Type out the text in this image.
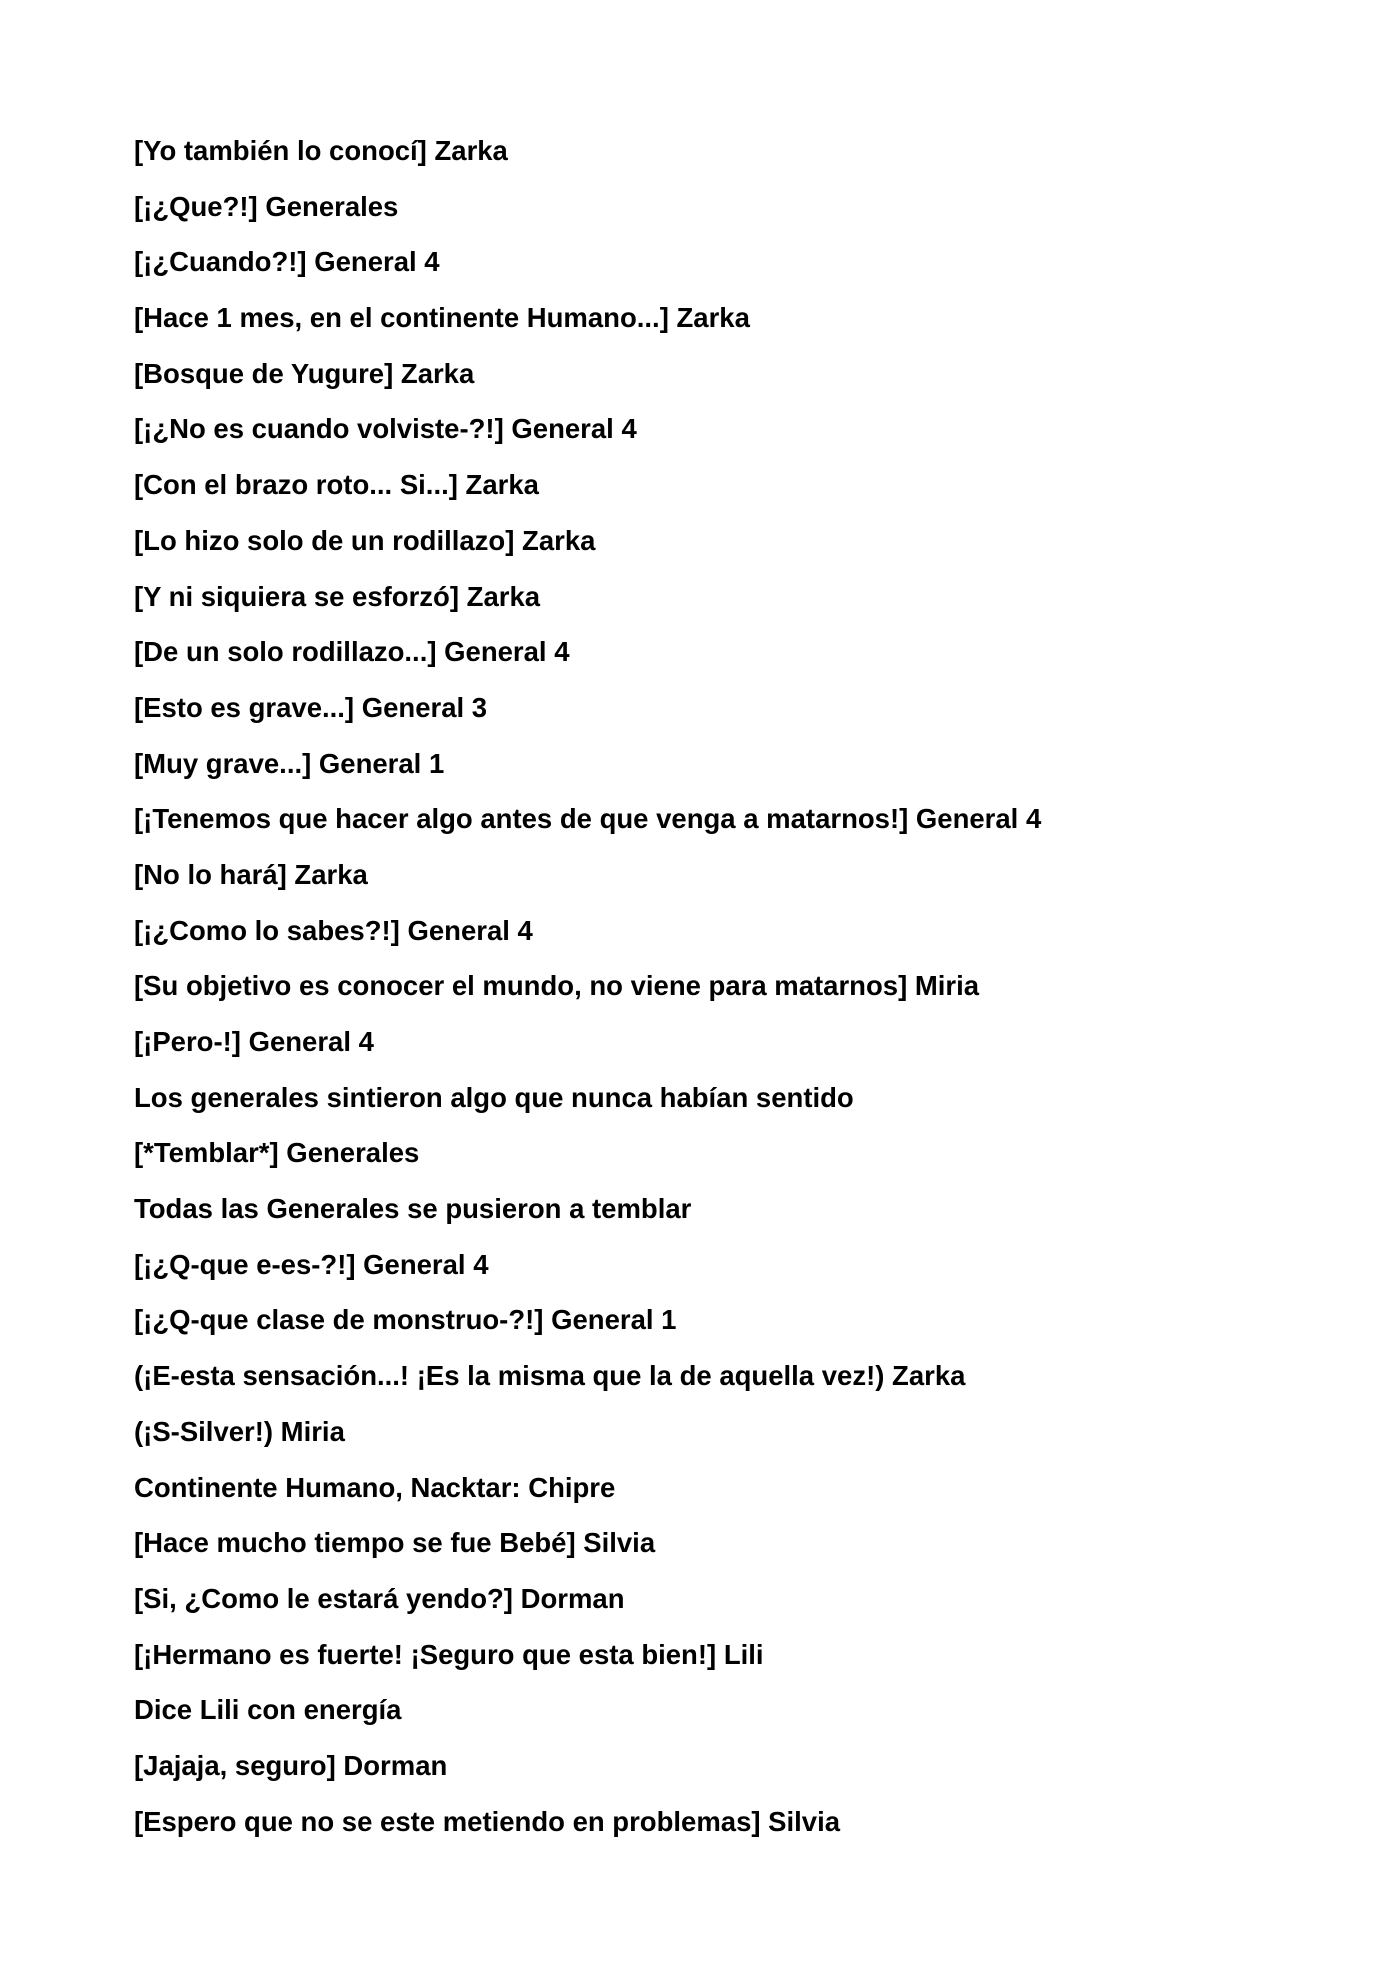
[Yo también lo conocí] Zarka
[¡¿Que?!] Generales
[¡¿Cuando?!] General 4
[Hace 1 mes, en el continente Humano...] Zarka
[Bosque de Yugure] Zarka
[¡¿No es cuando volviste-?!] General 4
[Con el brazo roto... Si...] Zarka
[Lo hizo solo de un rodillazo] Zarka
[Y ni siquiera se esforzó] Zarka
[De un solo rodillazo...] General 4
[Esto es grave...] General 3
[Muy grave...] General 1
[¡Tenemos que hacer algo antes de que venga a matarnos!] General 4
[No lo hará] Zarka
[¡¿Como lo sabes?!] General 4
[Su objetivo es conocer el mundo, no viene para matarnos] Miria
[¡Pero-!] General 4
Los generales sintieron algo que nunca habían sentido
[*Temblar*] Generales
Todas las Generales se pusieron a temblar
[¡¿Q-que e-es-?!] General 4
[¡¿Q-que clase de monstruo-?!] General 1
(¡E-esta sensación...! ¡Es la misma que la de aquella vez!) Zarka
(¡S-Silver!) Miria
Continente Humano, Nacktar: Chipre
[Hace mucho tiempo se fue Bebé] Silvia
[Si, ¿Como le estará yendo?] Dorman
[¡Hermano es fuerte! ¡Seguro que esta bien!] Lili
Dice Lili con energía
[Jajaja, seguro] Dorman
[Espero que no se este metiendo en problemas] Silvia
